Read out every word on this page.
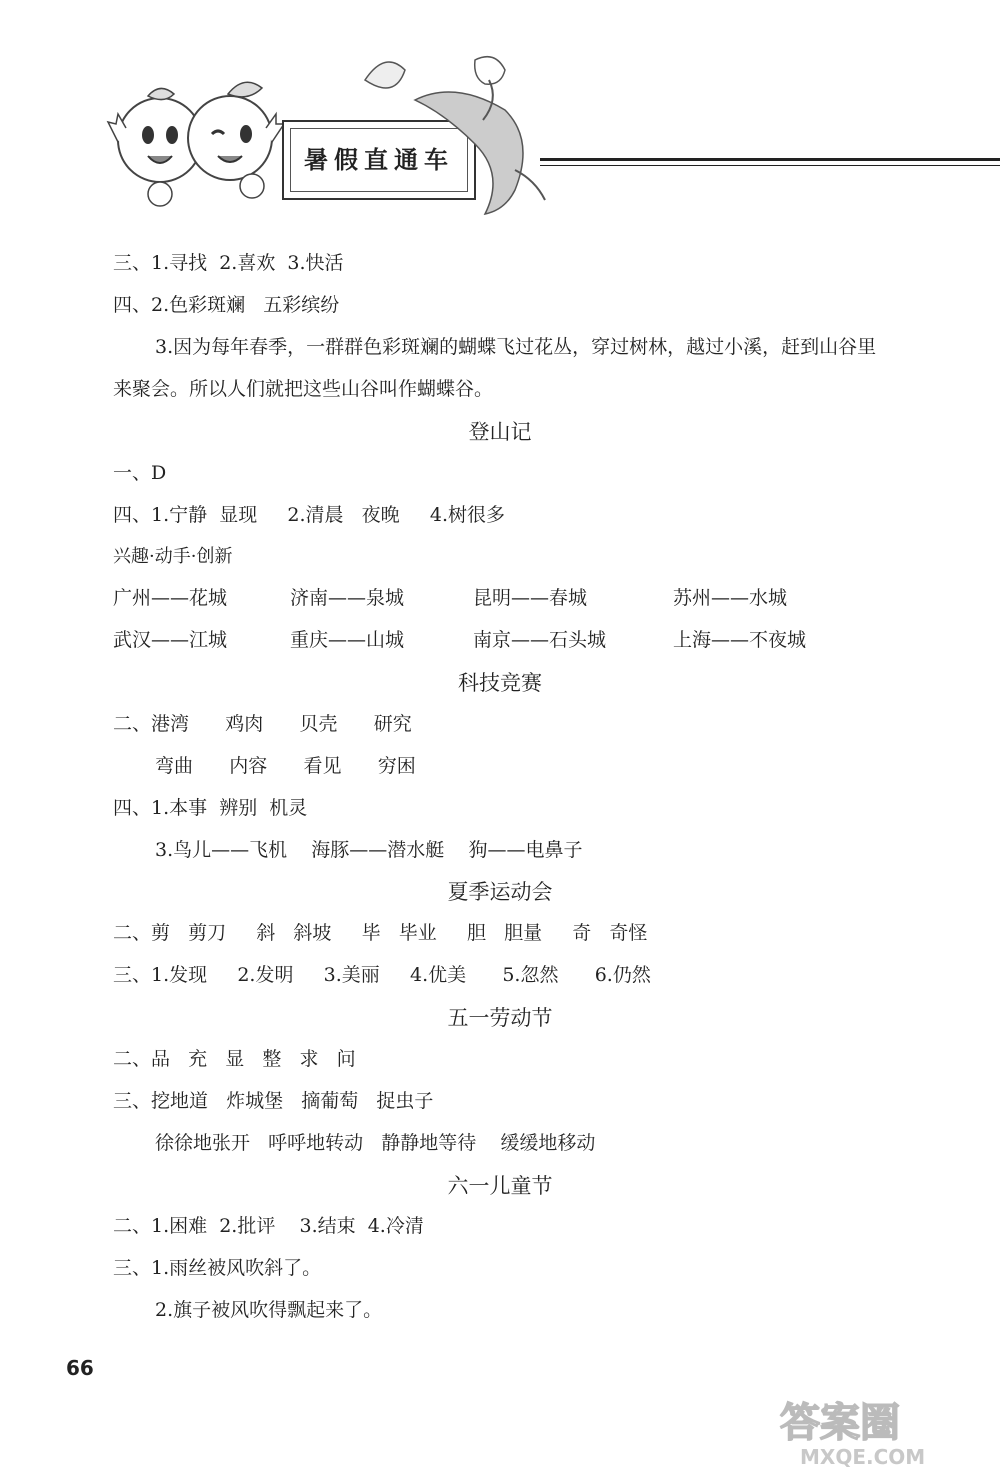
暑假直通车
三、1.寻找  2.喜欢  3.快活
四、2.色彩斑斓   五彩缤纷
3.因为每年春季，一群群色彩斑斓的蝴蝶飞过花丛，穿过树林，越过小溪，赶到山谷里
来聚会。所以人们就把这些山谷叫作蝴蝶谷。
登山记
一、D
四、1.宁静  显现     2.清晨   夜晚     4.树很多
兴趣·动手·创新
广州——花城	济南——泉城	昆明——春城	苏州——水城
武汉——江城	重庆——山城	南京——石头城	上海——不夜城
科技竞赛
二、港湾      鸡肉      贝壳      研究
弯曲      内容      看见      穷困
四、1.本事  辨别  机灵
3.鸟儿——飞机    海豚——潜水艇    狗——电鼻子
夏季运动会
二、剪   剪刀     斜   斜坡     毕   毕业     胆   胆量     奇   奇怪
三、1.发现     2.发明     3.美丽     4.优美      5.忽然      6.仍然
五一劳动节
二、品   充   显   整   求   问
三、挖地道   炸城堡   摘葡萄   捉虫子
徐徐地张开   呼呼地转动   静静地等待    缓缓地移动
六一儿童节
二、1.困难  2.批评    3.结束  4.冷清
三、1.雨丝被风吹斜了。
2.旗子被风吹得飘起来了。
66
答案圈
MXQE.COM
